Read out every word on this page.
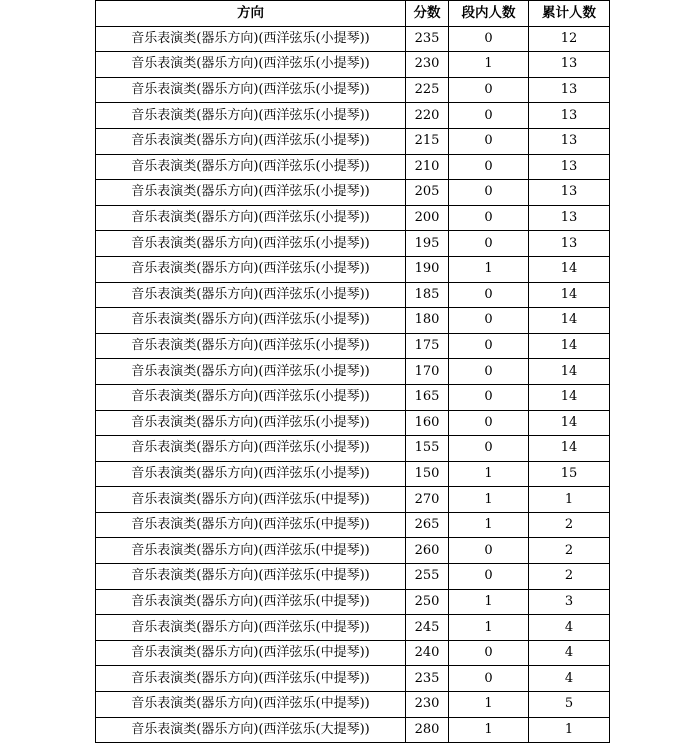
方向	分数	段内人数	累计人数
音乐表演类(器乐方向)(西洋弦乐(小提琴))	235	0	12
音乐表演类(器乐方向)(西洋弦乐(小提琴))	230	1	13
音乐表演类(器乐方向)(西洋弦乐(小提琴))	225	0	13
音乐表演类(器乐方向)(西洋弦乐(小提琴))	220	0	13
音乐表演类(器乐方向)(西洋弦乐(小提琴))	215	0	13
音乐表演类(器乐方向)(西洋弦乐(小提琴))	210	0	13
音乐表演类(器乐方向)(西洋弦乐(小提琴))	205	0	13
音乐表演类(器乐方向)(西洋弦乐(小提琴))	200	0	13
音乐表演类(器乐方向)(西洋弦乐(小提琴))	195	0	13
音乐表演类(器乐方向)(西洋弦乐(小提琴))	190	1	14
音乐表演类(器乐方向)(西洋弦乐(小提琴))	185	0	14
音乐表演类(器乐方向)(西洋弦乐(小提琴))	180	0	14
音乐表演类(器乐方向)(西洋弦乐(小提琴))	175	0	14
音乐表演类(器乐方向)(西洋弦乐(小提琴))	170	0	14
音乐表演类(器乐方向)(西洋弦乐(小提琴))	165	0	14
音乐表演类(器乐方向)(西洋弦乐(小提琴))	160	0	14
音乐表演类(器乐方向)(西洋弦乐(小提琴))	155	0	14
音乐表演类(器乐方向)(西洋弦乐(小提琴))	150	1	15
音乐表演类(器乐方向)(西洋弦乐(中提琴))	270	1	1
音乐表演类(器乐方向)(西洋弦乐(中提琴))	265	1	2
音乐表演类(器乐方向)(西洋弦乐(中提琴))	260	0	2
音乐表演类(器乐方向)(西洋弦乐(中提琴))	255	0	2
音乐表演类(器乐方向)(西洋弦乐(中提琴))	250	1	3
音乐表演类(器乐方向)(西洋弦乐(中提琴))	245	1	4
音乐表演类(器乐方向)(西洋弦乐(中提琴))	240	0	4
音乐表演类(器乐方向)(西洋弦乐(中提琴))	235	0	4
音乐表演类(器乐方向)(西洋弦乐(中提琴))	230	1	5
音乐表演类(器乐方向)(西洋弦乐(大提琴))	280	1	1
